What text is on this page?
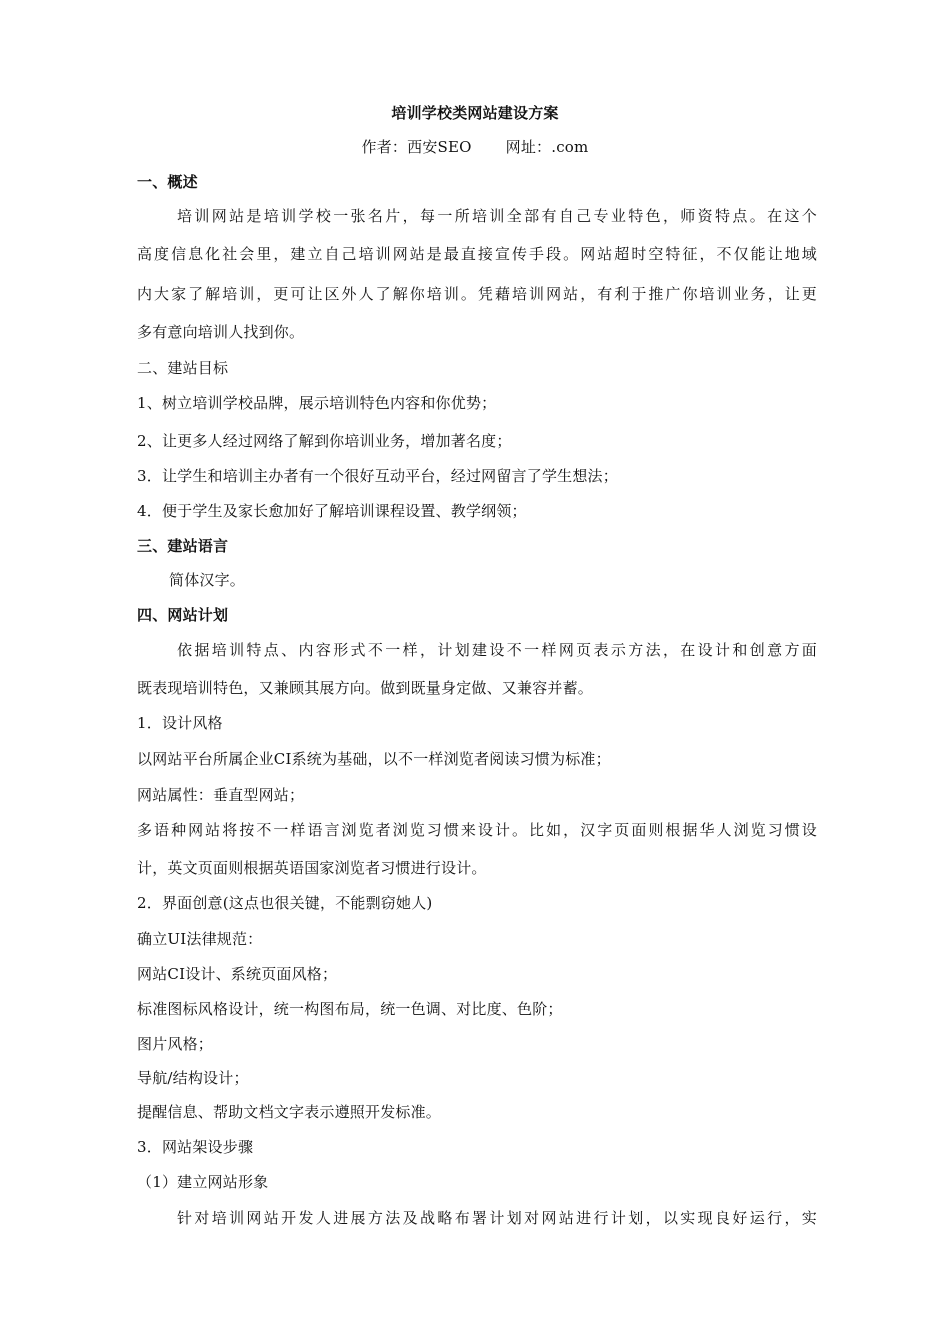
培训学校类网站建设方案
作者：西安SEO 网址：.com
一、概述
培训网站是培训学校一张名片，每一所培训全部有自己专业特色，师资特点。在这个
高度信息化社会里，建立自己培训网站是最直接宣传手段。网站超时空特征，不仅能让地域
内大家了解培训，更可让区外人了解你培训。凭藉培训网站，有利于推广你培训业务，让更
多有意向培训人找到你。
二、建站目标
1、树立培训学校品牌，展示培训特色内容和你优势；
2、让更多人经过网络了解到你培训业务，增加著名度；
3．让学生和培训主办者有一个很好互动平台，经过网留言了学生想法；
4．便于学生及家长愈加好了解培训课程设置、教学纲领；
三、建站语言
简体汉字。
四、网站计划
依据培训特点、内容形式不一样，计划建设不一样网页表示方法，在设计和创意方面
既表现培训特色，又兼顾其展方向。做到既量身定做、又兼容并蓄。
1．设计风格
以网站平台所属企业CI系统为基础，以不一样浏览者阅读习惯为标准；
网站属性：垂直型网站；
多语种网站将按不一样语言浏览者浏览习惯来设计。比如，汉字页面则根据华人浏览习惯设
计，英文页面则根据英语国家浏览者习惯进行设计。
2．界面创意(这点也很关键，不能剽窃她人)
确立UI法律规范：
网站CI设计、系统页面风格；
标准图标风格设计，统一构图布局，统一色调、对比度、色阶；
图片风格；
导航/结构设计；
提醒信息、帮助文档文字表示遵照开发标准。
3．网站架设步骤
（1）建立网站形象
针对培训网站开发人进展方法及战略布署计划对网站进行计划，以实现良好运行，实
